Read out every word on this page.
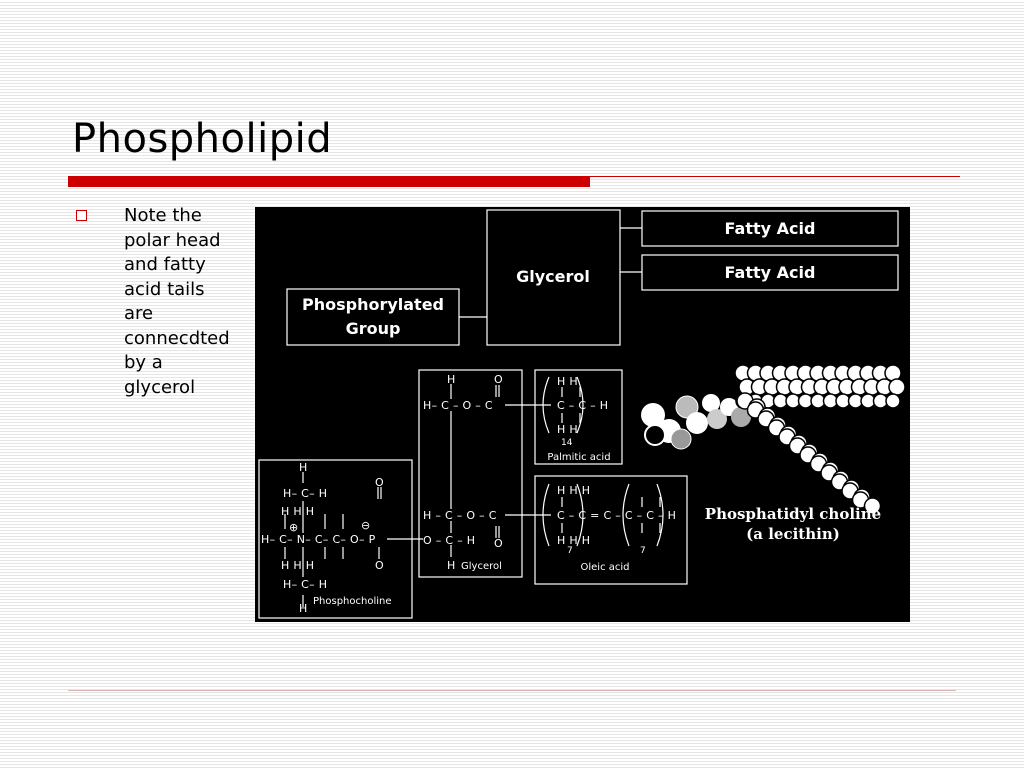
Phospholipid

Note the polar head and fatty acid tails are connecdted by a glycerol

Fatty Acid
Fatty Acid
Glycerol
Phosphorylated
Group
H	O
H– C – O – C
H – C – O – C
O – C – H O
H Glycerol
H H
C – C – H
H H
14
Palmitic acid
H H H
C – C = C – C – C – H
H H H
7	7
Oleic acid
H
H– C– H
O
H H H
⊕	⊖
H– C– N– C– C– O– P
H H H	O
H– C– H
H
Phosphocholine
Phosphatidyl choline
(a lecithin)
